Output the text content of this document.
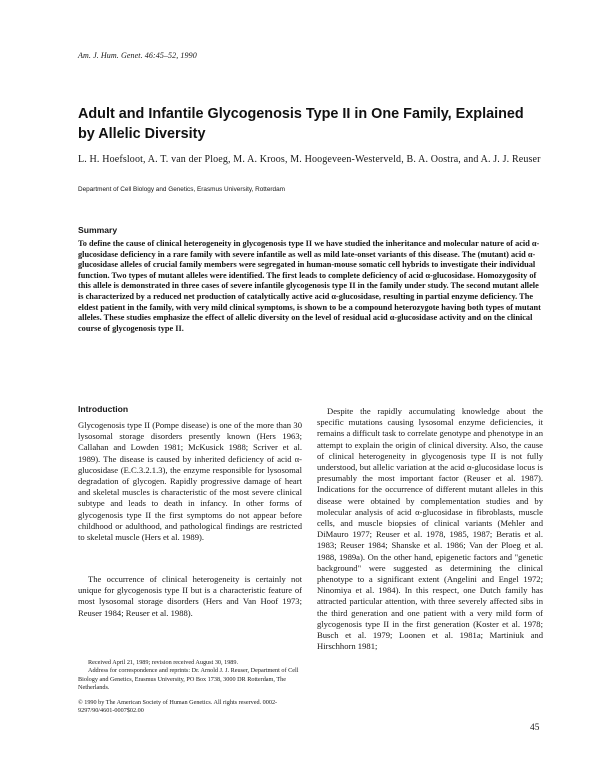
Am. J. Hum. Genet. 46:45–52, 1990
Adult and Infantile Glycogenosis Type II in One Family, Explained by Allelic Diversity
L. H. Hoefsloot, A. T. van der Ploeg, M. A. Kroos, M. Hoogeveen-Westerveld, B. A. Oostra, and A. J. J. Reuser
Department of Cell Biology and Genetics, Erasmus University, Rotterdam
Summary

To define the cause of clinical heterogeneity in glycogenosis type II we have studied the inheritance and molecular nature of acid α-glucosidase deficiency in a rare family with severe infantile as well as mild late-onset variants of this disease. The (mutant) acid α-glucosidase alleles of crucial family members were segregated in human-mouse somatic cell hybrids to investigate their individual function. Two types of mutant alleles were identified. The first leads to complete deficiency of acid α-glucosidase. Homozygosity of this allele is demonstrated in three cases of severe infantile glycogenosis type II in the family under study. The second mutant allele is characterized by a reduced net production of catalytically active acid α-glucosidase, resulting in partial enzyme deficiency. The eldest patient in the family, with very mild clinical symptoms, is shown to be a compound heterozygote having both types of mutant alleles. These studies emphasize the effect of allelic diversity on the level of residual acid α-glucosidase activity and on the clinical course of glycogenosis type II.

Introduction

Glycogenosis type II (Pompe disease) is one of the more than 30 lysosomal storage disorders presently known (Hers 1963; Callahan and Lowden 1981; McKusick 1988; Scriver et al. 1989). The disease is caused by inherited deficiency of acid α-glucosidase (E.C.3.2.1.3), the enzyme responsible for lysosomal degradation of glycogen. Rapidly progressive damage of heart and skeletal muscles is characteristic of the most severe clinical subtype and leads to death in infancy. In other forms of glycogenosis type II the first symptoms do not appear before childhood or adulthood, and pathological findings are restricted to skeletal muscle (Hers et al. 1989).

The occurrence of clinical heterogeneity is certainly not unique for glycogenosis type II but is a characteristic feature of most lysosomal storage disorders (Hers and Van Hoof 1973; Reuser 1984; Reuser et al. 1988).

Despite the rapidly accumulating knowledge about the specific mutations causing lysosomal enzyme deficiencies, it remains a difficult task to correlate genotype and phenotype in an attempt to explain the origin of clinical diversity. Also, the cause of clinical heterogeneity in glycogenosis type II is not fully understood, but allelic variation at the acid α-glucosidase locus is presumably the most important factor (Reuser et al. 1987). Indications for the occurrence of different mutant alleles in this disease were obtained by complementation studies and by molecular analysis of acid α-glucosidase in fibroblasts, muscle cells, and muscle biopsies of clinical variants (Mehler and DiMauro 1977; Reuser et al. 1978, 1985, 1987; Beratis et al. 1983; Reuser 1984; Shanske et al. 1986; Van der Ploeg et al. 1988, 1989a). On the other hand, epigenetic factors and "genetic background" were suggested as determining the clinical phenotype to a significant extent (Angelini and Engel 1972; Ninomiya et al. 1984). In this respect, one Dutch family has attracted particular attention, with three severely affected sibs in the third generation and one patient with a very mild form of glycogenosis type II in the first generation (Koster et al. 1978; Busch et al. 1979; Loonen et al. 1981a; Martiniuk and Hirschhorn 1981;

Received April 21, 1989; revision received August 30, 1989.

Address for correspondence and reprints: Dr. Arnold J. J. Reuser, Department of Cell Biology and Genetics, Erasmus University, PO Box 1738, 3000 DR Rotterdam, The Netherlands.

© 1990 by The American Society of Human Genetics. All rights reserved. 0002-9297/90/4601-0007$02.00

45
